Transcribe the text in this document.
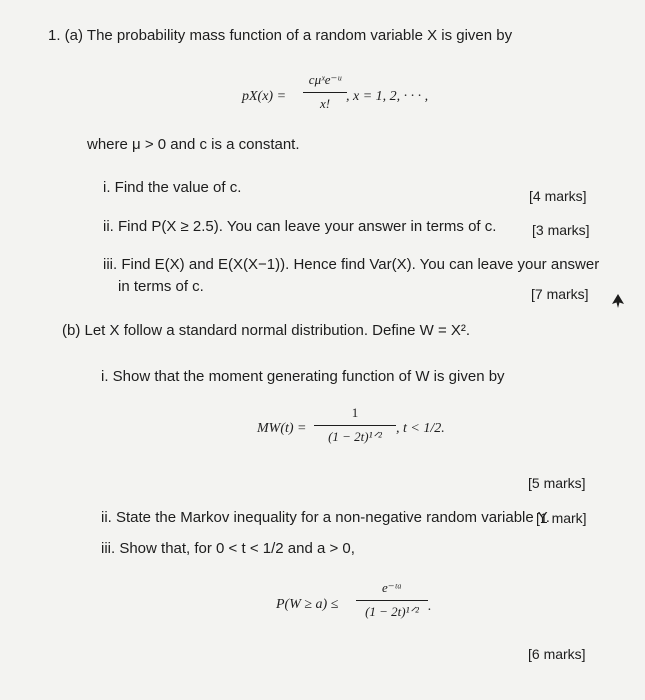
1. (a) The probability mass function of a random variable X is given by
pX(x) =
cμˣe⁻ᵘ
x!	, x = 1, 2, · · · ,
where μ > 0 and c is a constant.
i. Find the value of c.	[4 marks]
ii. Find P(X ≥ 2.5). You can leave your answer in terms of c.	[3 marks]
iii. Find E(X) and E(X(X−1)). Hence find Var(X). You can leave your answer
in terms of c.	[7 marks]
(b) Let X follow a standard normal distribution. Define W = X².
i. Show that the moment generating function of W is given by
MW(t) =
1
(1 − 2t)¹ᐟ²
, t < 1/2.
[5 marks]
ii. State the Markov inequality for a non-negative random variable Y.
[1 mark]
iii. Show that, for 0 < t < 1/2 and a > 0,
P(W ≥ a) ≤
e⁻ᵗᵃ
(1 − 2t)¹ᐟ² .
[6 marks]
